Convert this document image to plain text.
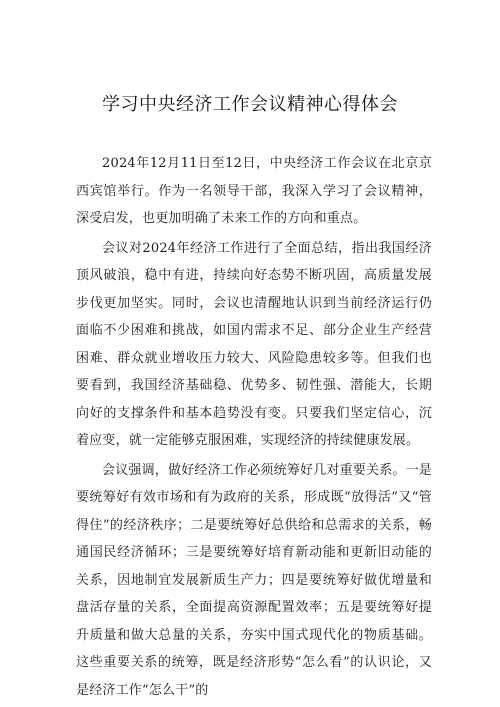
学习中央经济工作会议精神心得体会

2024年12月11日至12日，中央经济工作会议在北京京西宾馆举行。作为一名领导干部，我深入学习了会议精神，深受启发，也更加明确了未来工作的方向和重点。

会议对2024年经济工作进行了全面总结，指出我国经济顶风破浪，稳中有进，持续向好态势不断巩固，高质量发展步伐更加坚实。同时，会议也清醒地认识到当前经济运行仍面临不少困难和挑战，如国内需求不足、部分企业生产经营困难、群众就业增收压力较大、风险隐患较多等。但我们也要看到，我国经济基础稳、优势多、韧性强、潜能大，长期向好的支撑条件和基本趋势没有变。只要我们坚定信心，沉着应变，就一定能够克服困难，实现经济的持续健康发展。

会议强调，做好经济工作必须统筹好几对重要关系。一是要统筹好有效市场和有为政府的关系，形成既“放得活”又“管得住”的经济秩序；二是要统筹好总供给和总需求的关系，畅通国民经济循环；三是要统筹好培育新动能和更新旧动能的关系，因地制宜发展新质生产力；四是要统筹好做优增量和盘活存量的关系，全面提高资源配置效率；五是要统筹好提升质量和做大总量的关系，夯实中国式现代化的物质基础。这些重要关系的统筹，既是经济形势“怎么看”的认识论，又是经济工作“怎么干”的
